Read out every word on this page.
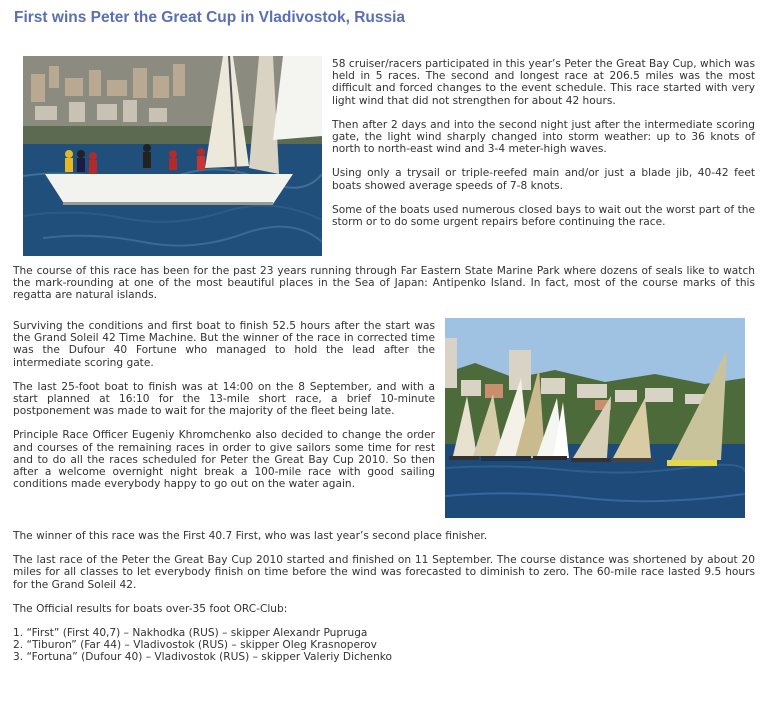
First wins Peter the Great Cup in Vladivostok, Russia

58 cruiser/racers participated in this year’s Peter the Great Bay Cup, which was held in 5 races. The second and longest race at 206.5 miles was the most difficult and forced changes to the event schedule. This race started with very light wind that did not strengthen for about 42 hours.

Then after 2 days and into the second night just after the intermediate scoring gate, the light wind sharply changed into storm weather: up to 36 knots of north to north-east wind and 3-4 meter-high waves.

Using only a trysail or triple-reefed main and/or just a blade jib, 40-42 feet boats showed average speeds of 7-8 knots.

Some of the boats used numerous closed bays to wait out the worst part of the storm or to do some urgent repairs before continuing the race.

The course of this race has been for the past 23 years running through Far Eastern State Marine Park where dozens of seals like to watch the mark-rounding at one of the most beautiful places in the Sea of Japan: Antipenko Island. In fact, most of the course marks of this regatta are natural islands.

Surviving the conditions and first boat to finish 52.5 hours after the start was the Grand Soleil 42 Time Machine. But the winner of the race in corrected time was the Dufour 40 Fortune who managed to hold the lead after the intermediate scoring gate.

The last 25-foot boat to finish was at 14:00 on the 8 September, and with a start planned at 16:10 for the 13-mile short race, a brief 10-minute postponement was made to wait for the majority of the fleet being late.

Principle Race Officer Eugeniy Khromchenko also decided to change the order and courses of the remaining races in order to give sailors some time for rest and to do all the races scheduled for Peter the Great Bay Cup 2010. So then after a welcome overnight night break a 100-mile race with good sailing conditions made everybody happy to go out on the water again.

The winner of this race was the First 40.7 First, who was last year’s second place finisher.

The last race of the Peter the Great Bay Cup 2010 started and finished on 11 September. The course distance was shortened by about 20 miles for all classes to let everybody finish on time before the wind was forecasted to diminish to zero. The 60-mile race lasted 9.5 hours for the Grand Soleil 42.

The Official results for boats over-35 foot ORC-Club:

1. “First” (First 40,7) – Nakhodka (RUS) – skipper Alexandr Pupruga

2. “Tiburon” (Far 44) – Vladivostok (RUS) – skipper Oleg Krasnoperov

3. “Fortuna” (Dufour 40) – Vladivostok (RUS) – skipper Valeriy Dichenko
